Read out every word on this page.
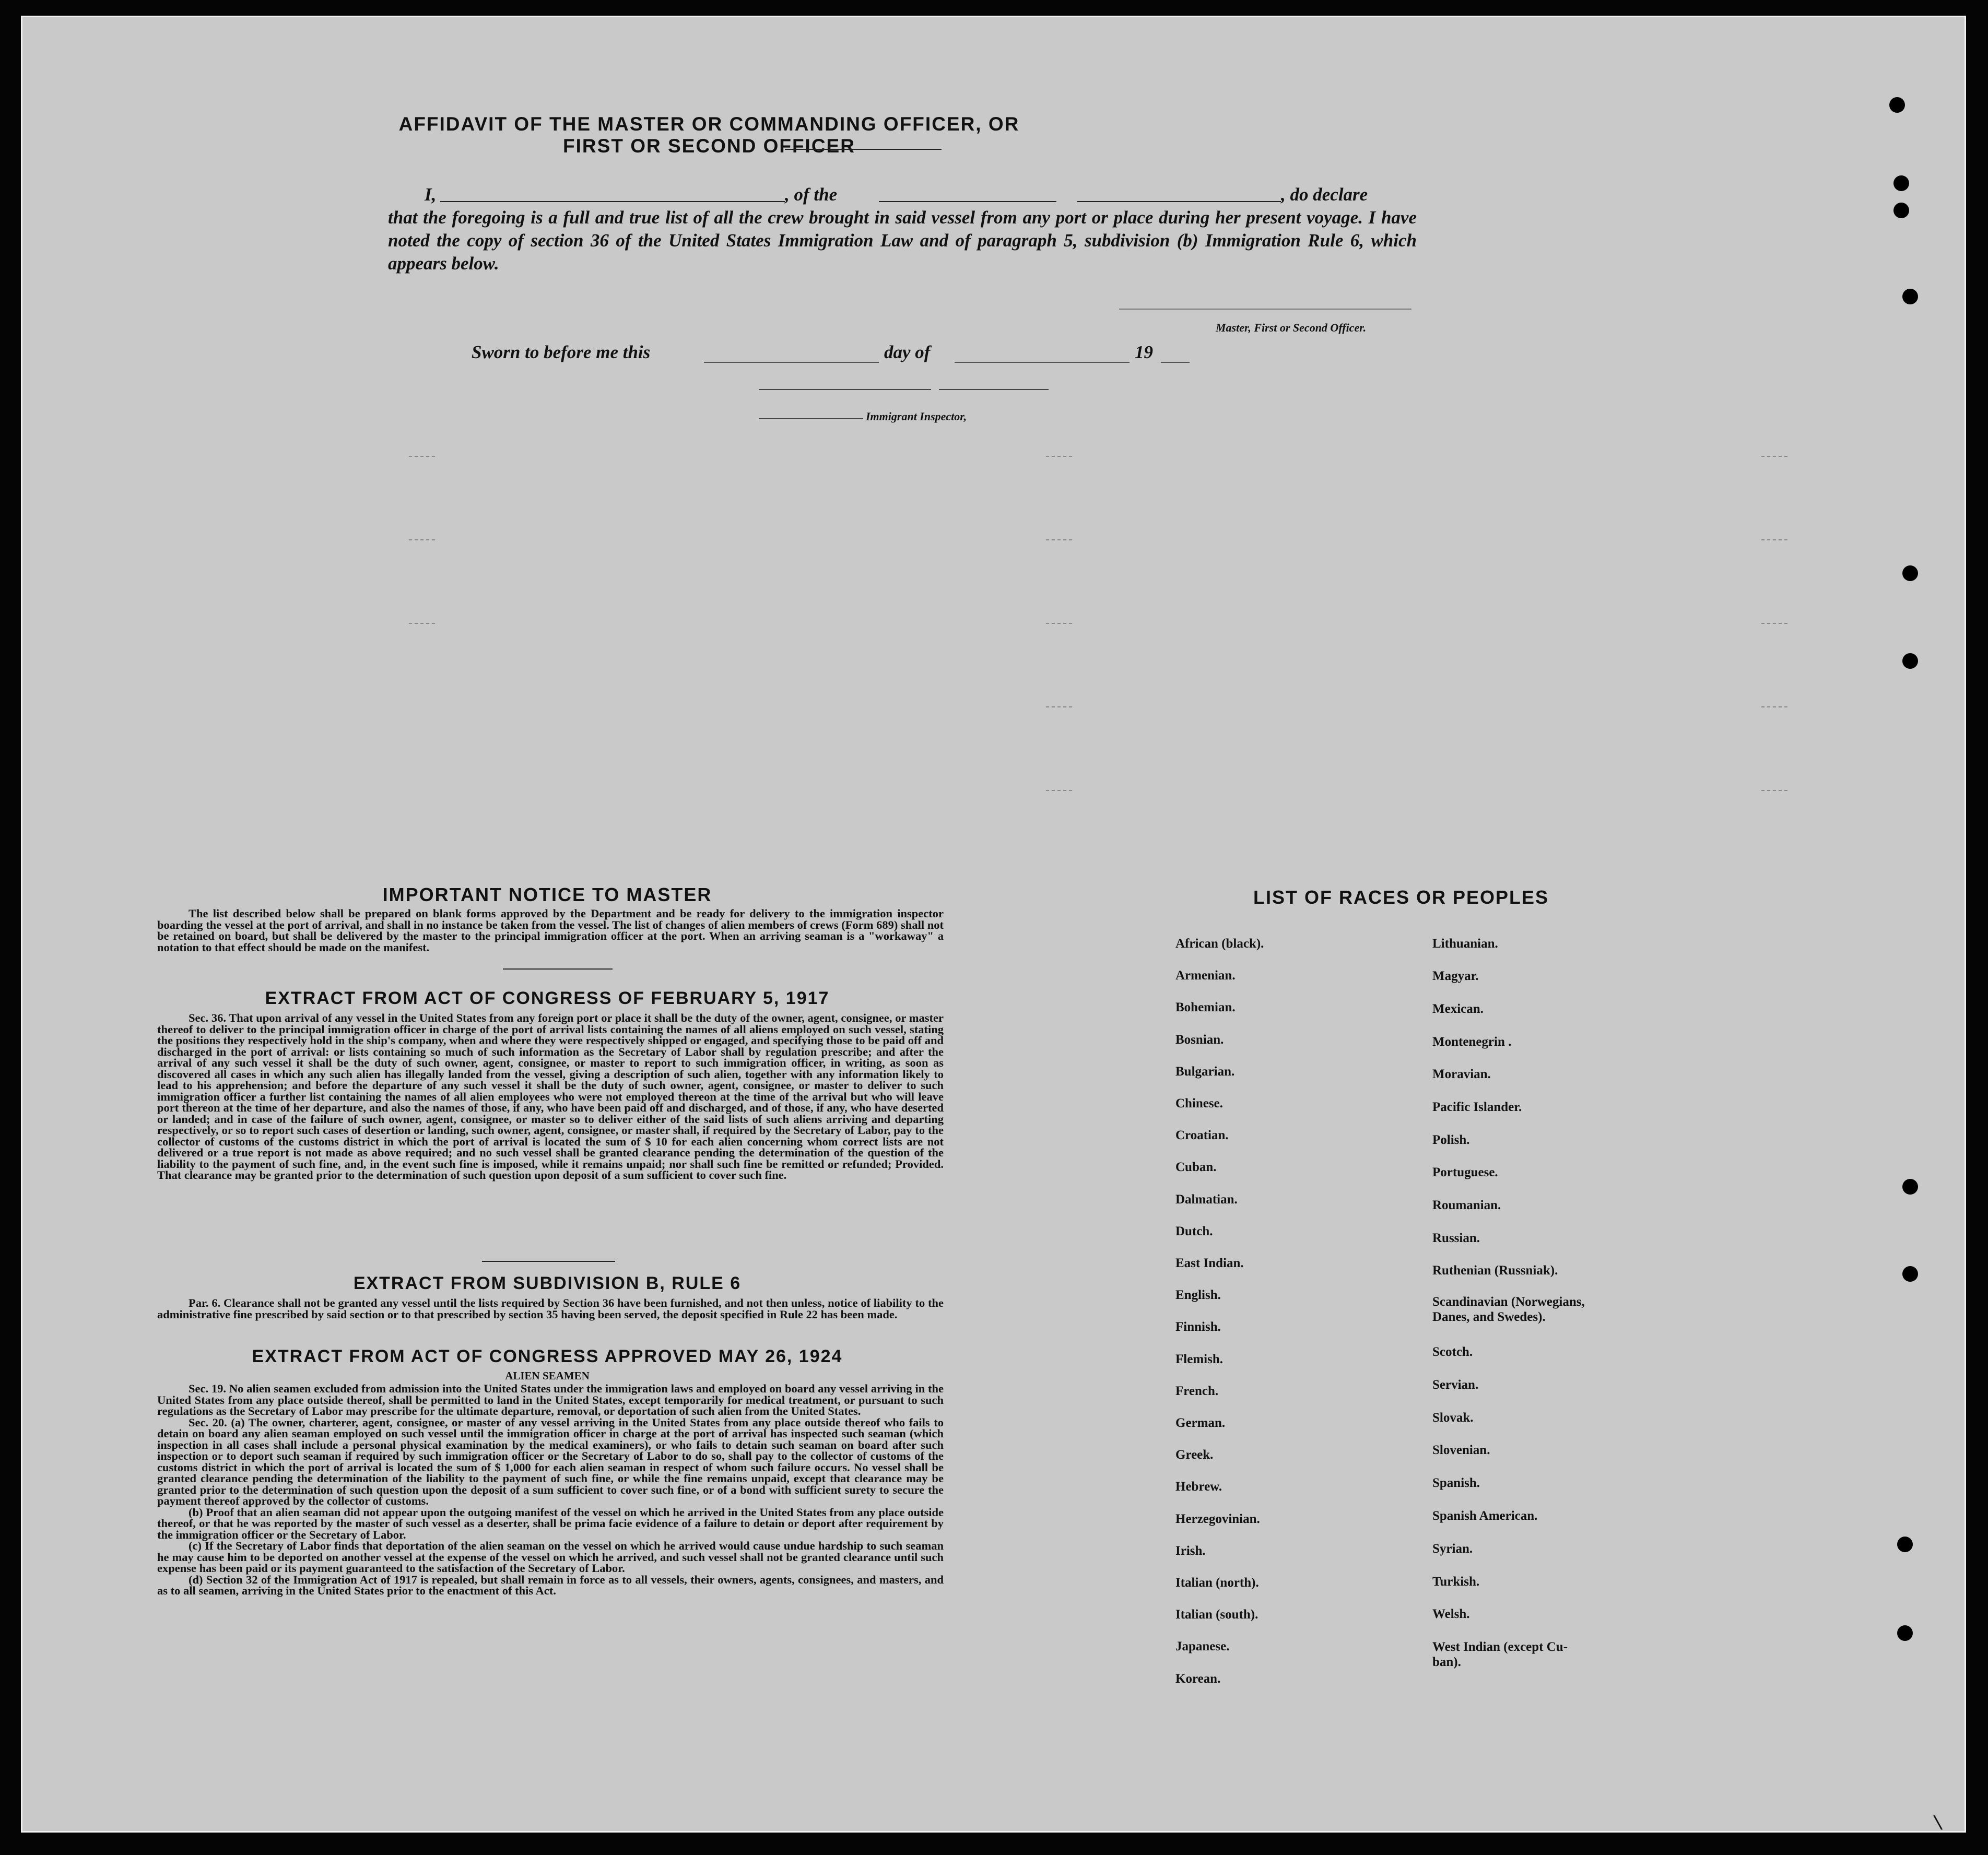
AFFIDAVIT OF THE MASTER OR COMMANDING OFFICER, OR FIRST OR SECOND OFFICER
I,	, of the	, do declare
that the foregoing is a full and true list of all the crew brought in said vessel from any port or place during her present voyage. I have noted the copy of section 36 of the United States Immigration Law and of paragraph 5, subdivision (b) Immigration Rule 6, which appears below.
Master, First or Second Officer.
Sworn to before me this	day of	19
Immigrant Inspector,
IMPORTANT NOTICE TO MASTER

The list described below shall be prepared on blank forms approved by the Department and be ready for delivery to the immigration inspector boarding the vessel at the port of arrival, and shall in no instance be taken from the vessel. The list of changes of alien members of crews (Form 689) shall not be retained on board, but shall be delivered by the master to the principal immigration officer at the port. When an arriving seaman is a "workaway" a notation to that effect should be made on the manifest.

EXTRACT FROM ACT OF CONGRESS OF FEBRUARY 5, 1917

Sec. 36. That upon arrival of any vessel in the United States from any foreign port or place it shall be the duty of the owner, agent, consignee, or master thereof to deliver to the principal immigration officer in charge of the port of arrival lists containing the names of all aliens employed on such vessel, stating the positions they respectively hold in the ship's company, when and where they were respectively shipped or engaged, and specifying those to be paid off and discharged in the port of arrival: or lists containing so much of such information as the Secretary of Labor shall by regulation prescribe; and after the arrival of any such vessel it shall be the duty of such owner, agent, consignee, or master to report to such immigration officer, in writing, as soon as discovered all cases in which any such alien has illegally landed from the vessel, giving a description of such alien, together with any information likely to lead to his apprehension; and before the departure of any such vessel it shall be the duty of such owner, agent, consignee, or master to deliver to such immigration officer a further list containing the names of all alien employees who were not employed thereon at the time of the arrival but who will leave port thereon at the time of her departure, and also the names of those, if any, who have been paid off and discharged, and of those, if any, who have deserted or landed; and in case of the failure of such owner, agent, consignee, or master so to deliver either of the said lists of such aliens arriving and departing respectively, or so to report such cases of desertion or landing, such owner, agent, consignee, or master shall, if required by the Secretary of Labor, pay to the collector of customs of the customs district in which the port of arrival is located the sum of $ 10 for each alien concerning whom correct lists are not delivered or a true report is not made as above required; and no such vessel shall be granted clearance pending the determination of the question of the liability to the payment of such fine, and, in the event such fine is imposed, while it remains unpaid; nor shall such fine be remitted or refunded; Provided. That clearance may be granted prior to the determination of such question upon deposit of a sum sufficient to cover such fine.

EXTRACT FROM SUBDIVISION B, RULE 6

Par. 6. Clearance shall not be granted any vessel until the lists required by Section 36 have been furnished, and not then unless, notice of liability to the administrative fine prescribed by said section or to that prescribed by section 35 having been served, the deposit specified in Rule 22 has been made.

EXTRACT FROM ACT OF CONGRESS APPROVED MAY 26, 1924
ALIEN SEAMEN

Sec. 19. No alien seamen excluded from admission into the United States under the immigration laws and employed on board any vessel arriving in the United States from any place outside thereof, shall be permitted to land in the United States, except temporarily for medical treatment, or pursuant to such regulations as the Secretary of Labor may prescribe for the ultimate departure, removal, or deportation of such alien from the United States.

Sec. 20. (a) The owner, charterer, agent, consignee, or master of any vessel arriving in the United States from any place outside thereof who fails to detain on board any alien seaman employed on such vessel until the immigration officer in charge at the port of arrival has inspected such seaman (which inspection in all cases shall include a personal physical examination by the medical examiners), or who fails to detain such seaman on board after such inspection or to deport such seaman if required by such immigration officer or the Secretary of Labor to do so, shall pay to the collector of customs of the customs district in which the port of arrival is located the sum of $ 1,000 for each alien seaman in respect of whom such failure occurs. No vessel shall be granted clearance pending the determination of the liability to the payment of such fine, or while the fine remains unpaid, except that clearance may be granted prior to the determination of such question upon the deposit of a sum sufficient to cover such fine, or of a bond with sufficient surety to secure the payment thereof approved by the collector of customs.

(b) Proof that an alien seaman did not appear upon the outgoing manifest of the vessel on which he arrived in the United States from any place outside thereof, or that he was reported by the master of such vessel as a deserter, shall be prima facie evidence of a failure to detain or deport after requirement by the immigration officer or the Secretary of Labor.

(c) If the Secretary of Labor finds that deportation of the alien seaman on the vessel on which he arrived would cause undue hardship to such seaman he may cause him to be deported on another vessel at the expense of the vessel on which he arrived, and such vessel shall not be granted clearance until such expense has been paid or its payment guaranteed to the satisfaction of the Secretary of Labor.

(d) Section 32 of the Immigration Act of 1917 is repealed, but shall remain in force as to all vessels, their owners, agents, consignees, and masters, and as to all seamen, arriving in the United States prior to the enactment of this Act.

LIST OF RACES OR PEOPLES
\
African (black).
Armenian.
Bohemian.
Bosnian.
Bulgarian.
Chinese.
Croatian.
Cuban.
Dalmatian.
Dutch.
East Indian.
English.
Finnish.
Flemish.
French.
German.
Greek.
Hebrew.
Herzegovinian.
Irish.
Italian (north).
Italian (south).
Japanese.
Korean.
Lithuanian.
Magyar.
Mexican.
Montenegrin .
Moravian.
Pacific Islander.
Polish.
Portuguese.
Roumanian.
Russian.
Ruthenian (Russniak).
Scandinavian (Norwegians,
Danes, and Swedes).
Scotch.
Servian.
Slovak.
Slovenian.
Spanish.
Spanish American.
Syrian.
Turkish.
Welsh.
West Indian (except Cu-
ban).
